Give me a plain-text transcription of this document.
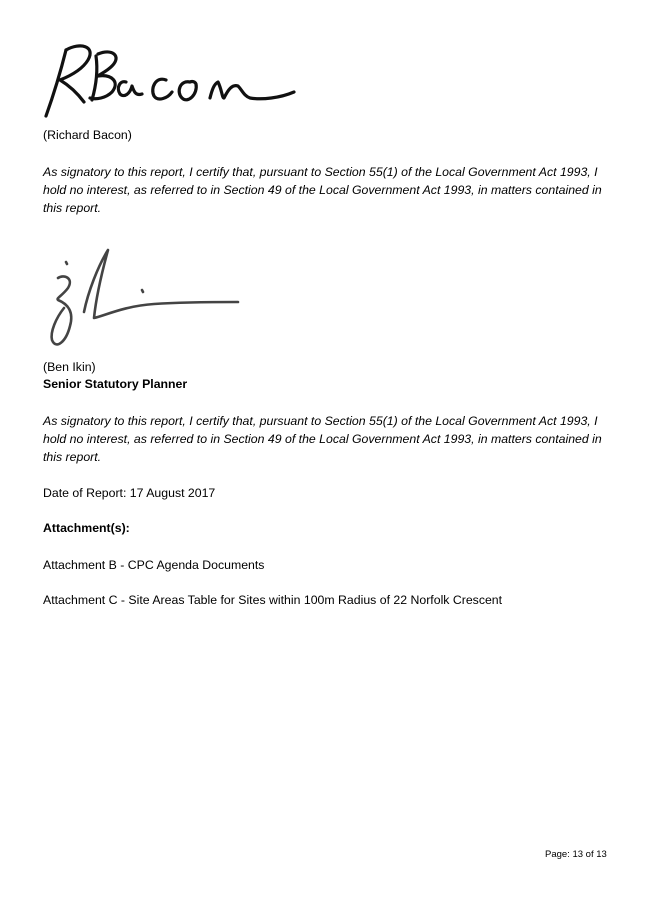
RBacon
(Richard Bacon)

As signatory to this report, I certify that, pursuant to Section 55(1) of the Local Government Act 1993, I hold no interest, as referred to in Section 49 of the Local Government Act 1993, in matters contained in this report.

B I
(Ben Ikin)
Senior Statutory Planner

As signatory to this report, I certify that, pursuant to Section 55(1) of the Local Government Act 1993, I hold no interest, as referred to in Section 49 of the Local Government Act 1993, in matters contained in this report.

Date of Report: 17 August 2017
Attachment(s):
Attachment B - CPC Agenda Documents
Attachment C - Site Areas Table for Sites within 100m Radius of 22 Norfolk Crescent
Page: 13 of 13
